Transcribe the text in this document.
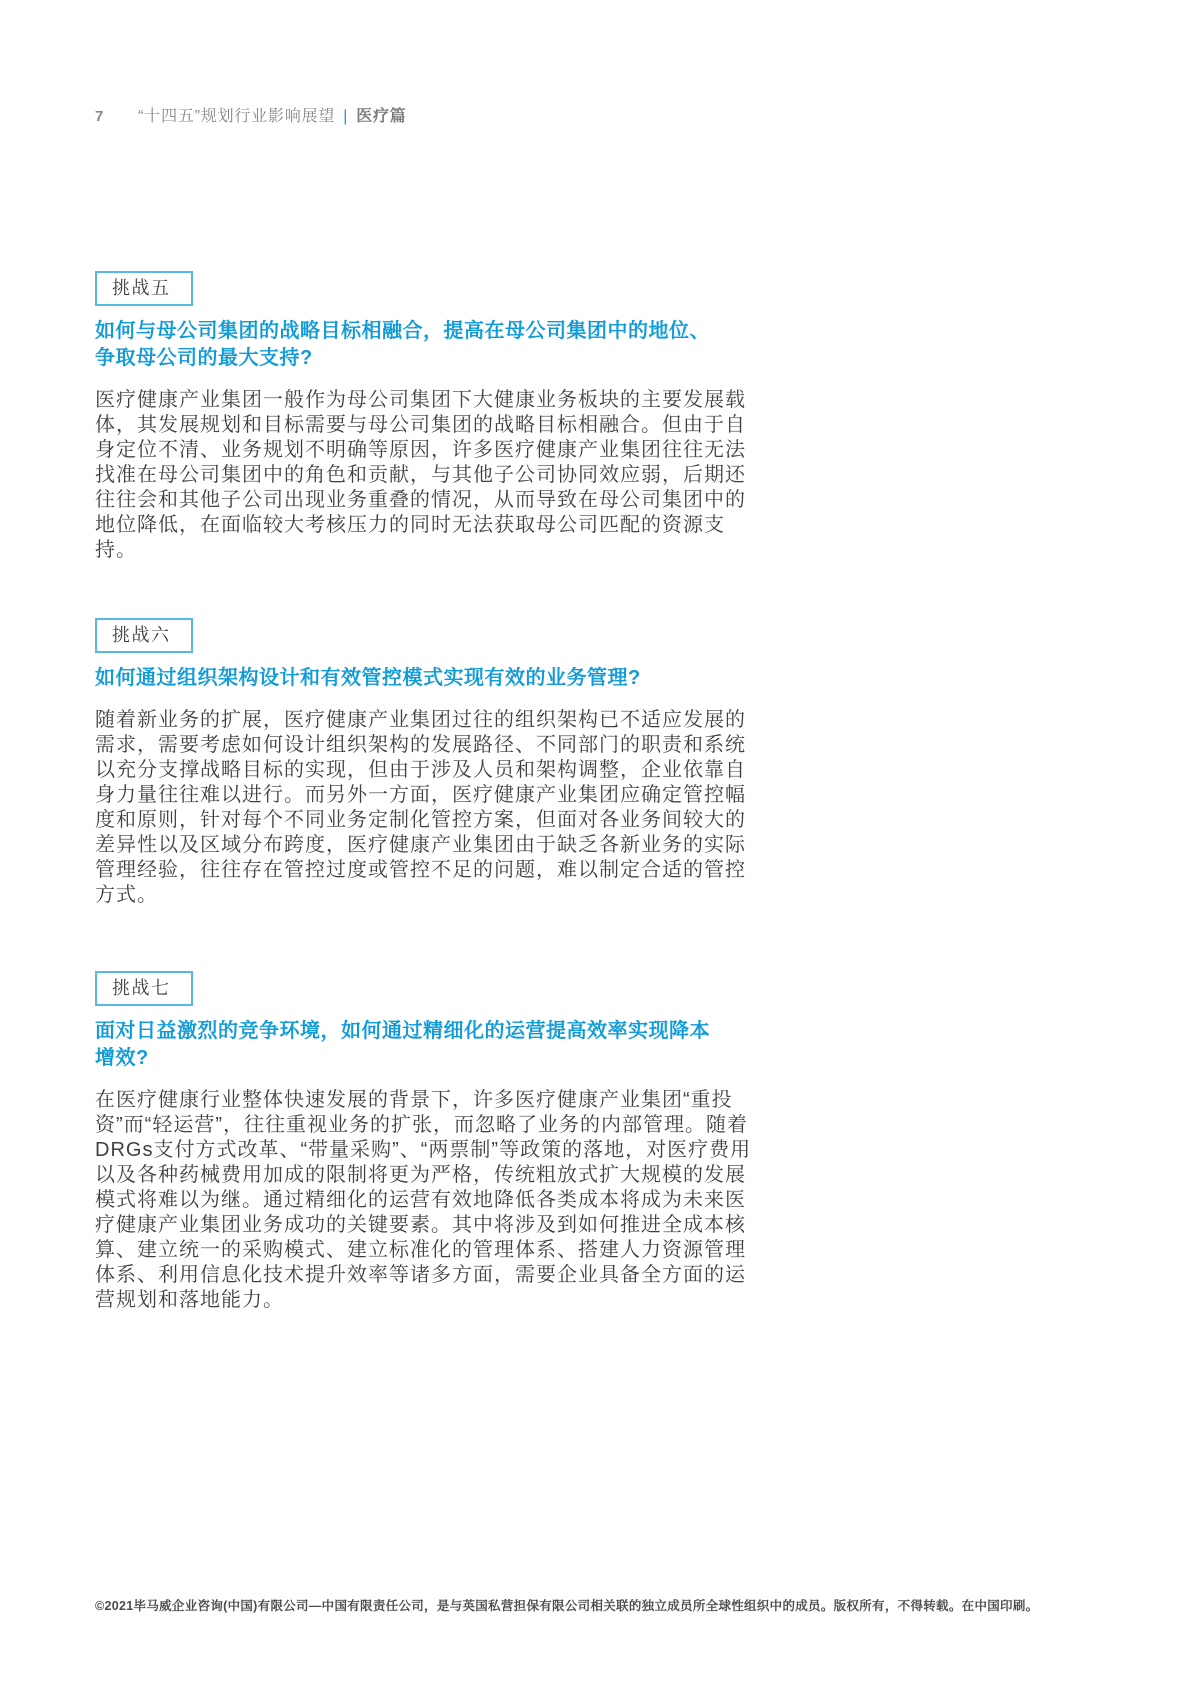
7 “十四五”规划行业影响展望 | 医疗篇
挑战五
如何与母公司集团的战略目标相融合，提高在母公司集团中的地位、争取母公司的最大支持?
医疗健康产业集团一般作为母公司集团下大健康业务板块的主要发展载体，其发展规划和目标需要与母公司集团的战略目标相融合。但由于自身定位不清、业务规划不明确等原因，许多医疗健康产业集团往往无法找准在母公司集团中的角色和贡献，与其他子公司协同效应弱，后期还往往会和其他子公司出现业务重叠的情况，从而导致在母公司集团中的地位降低，在面临较大考核压力的同时无法获取母公司匹配的资源支持。
挑战六
如何通过组织架构设计和有效管控模式实现有效的业务管理?
随着新业务的扩展，医疗健康产业集团过往的组织架构已不适应发展的需求，需要考虑如何设计组织架构的发展路径、不同部门的职责和系统以充分支撑战略目标的实现，但由于涉及人员和架构调整，企业依靠自身力量往往难以进行。而另外一方面，医疗健康产业集团应确定管控幅度和原则，针对每个不同业务定制化管控方案，但面对各业务间较大的差异性以及区域分布跨度，医疗健康产业集团由于缺乏各新业务的实际管理经验，往往存在管控过度或管控不足的问题，难以制定合适的管控方式。
挑战七
面对日益激烈的竞争环境，如何通过精细化的运营提高效率实现降本增效?
在医疗健康行业整体快速发展的背景下，许多医疗健康产业集团“重投资”而“轻运营”，往往重视业务的扩张，而忽略了业务的内部管理。随着DRGs支付方式改革、“带量采购”、“两票制”等政策的落地，对医疗费用以及各种药械费用加成的限制将更为严格，传统粗放式扩大规模的发展模式将难以为继。通过精细化的运营有效地降低各类成本将成为未来医疗健康产业集团业务成功的关键要素。其中将涉及到如何推进全成本核算、建立统一的采购模式、建立标准化的管理体系、搭建人力资源管理体系、利用信息化技术提升效率等诸多方面，需要企业具备全方面的运营规划和落地能力。
©2021毕马威企业咨询(中国)有限公司—中国有限责任公司，是与英国私营担保有限公司相关联的独立成员所全球性组织中的成员。版权所有，不得转载。在中国印刷。
